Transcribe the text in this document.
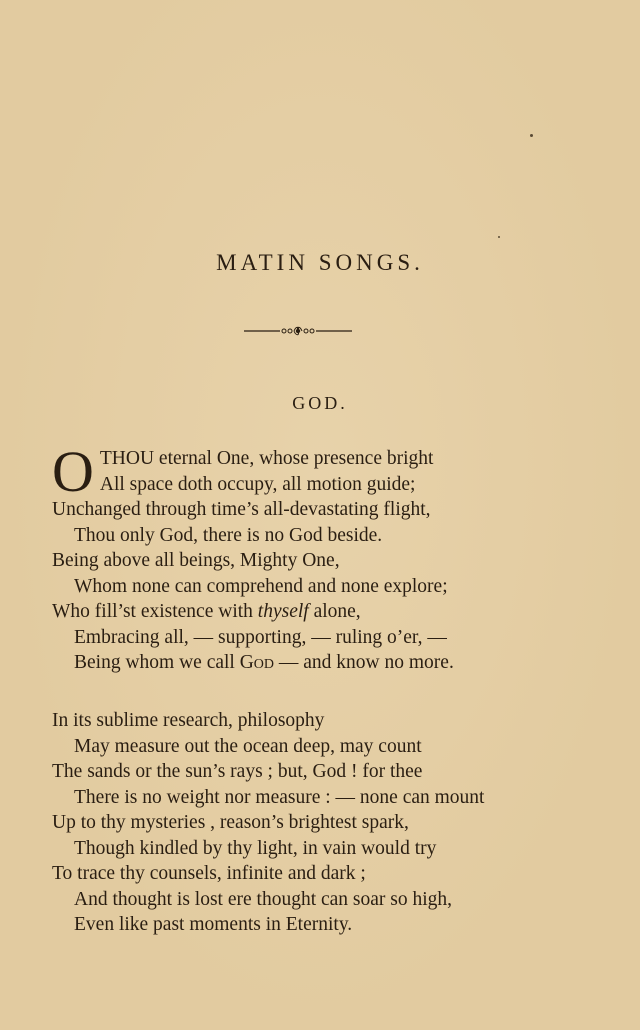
MATIN SONGS.
GOD.
O THOU eternal One, whose presence bright
All space doth occupy, all motion guide;
Unchanged through time’s all-devastating flight,
Thou only God, there is no God beside.
Being above all beings, Mighty One,
Whom none can comprehend and none explore;
Who fill’st existence with thyself alone,
Embracing all, — supporting, — ruling o’er, —
Being whom we call God — and know no more.
In its sublime research, philosophy
May measure out the ocean deep, may count
The sands or the sun’s rays ; but, God ! for thee
There is no weight nor measure : — none can mount
Up to thy mysteries , reason’s brightest spark,
Though kindled by thy light, in vain would try
To trace thy counsels, infinite and dark ;
And thought is lost ere thought can soar so high,
Even like past moments in Eternity.
